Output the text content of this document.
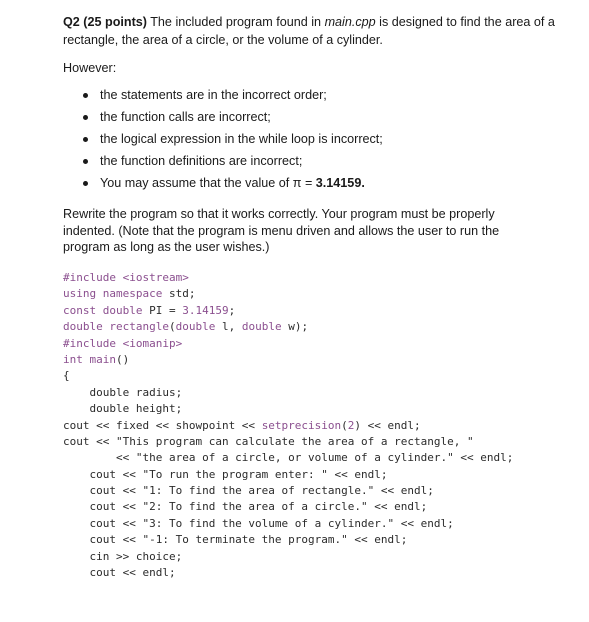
Q2 (25 points) The included program found in main.cpp is designed to find the area of a rectangle, the area of a circle, or the volume of a cylinder.
However:
the statements are in the incorrect order;
the function calls are incorrect;
the logical expression in the while loop is incorrect;
the function definitions are incorrect;
You may assume that the value of π = 3.14159.
Rewrite the program so that it works correctly. Your program must be properly indented. (Note that the program is menu driven and allows the user to run the program as long as the user wishes.)
#include <iostream>
using namespace std;
const double PI = 3.14159;
double rectangle(double l, double w);
#include <iomanip>
int main()
{
double radius;
double height;
cout << fixed << showpoint << setprecision(2) << endl;
cout << "This program can calculate the area of a rectangle, "
<< "the area of a circle, or volume of a cylinder." << endl;
cout << "To run the program enter: " << endl;
cout << "1: To find the area of rectangle." << endl;
cout << "2: To find the area of a circle." << endl;
cout << "3: To find the volume of a cylinder." << endl;
cout << "-1: To terminate the program." << endl;
cin >> choice;
cout << endl;
